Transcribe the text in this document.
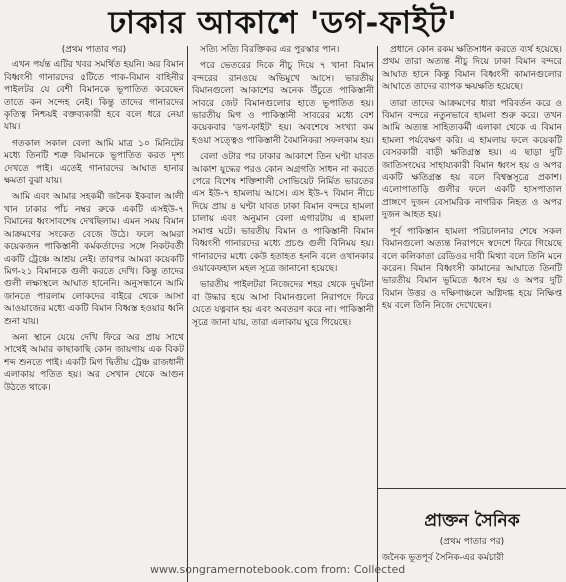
ঢাকার আকাশে 'ডগ-ফাইট'

(প্রথম পাতার পর)

এখন পর্যন্ত এটির খবর সমর্থিত হয়নি। অর বিমান বিধ্বংসী গানারদের ৫টিতে পাক-বিমান বাহিনীর পাইলটর যে বেশী বিমানকে ভূপাতিত করেছেন তাতে কন সন্দেহ নেই। কিন্তু তাদের গানারদের কৃতিত্ব নিশ্চয়ই বক্তব্যকারী হবে বলে ধরে নেয়া যায়।

গতকাল সকাল বেলা আমি মাত্র ১০ মিনিটের মধ্যে তিনটি শত্রু বিমানকে ভূপাতিত করত দৃশ্য দেখতে পাই। এতেই গানারদের আঘাত হানার ক্ষমতা বুঝা যায়।

আমি এবং আমার সহকর্মী জনৈক ইকবাল আলী খান ঢাকার পাঁচ নম্বর রুকে একটি এসইউ-৭ বিমানের ধ্বংসাবশেষ দেখছিলাম। এমন সময় বিমান আক্রমণের সংকেত বেজে উঠে। ফলে আমরা কয়েকজন পাকিস্তানী কর্মকর্তাদের সঙ্গে নিকটবর্তী একটি ট্রেঞ্চে আশ্রয় নেই। তারপর আমরা কয়েকটি মিগ-২১ বিমানকে গুলী করতে দেখি। কিন্তু তাদের গুলী লক্ষ্যস্থলে আঘাত হানেনি। অনুসন্ধানে আমি জানতে পারলাম লোকদের বাইরে থেকে আসা আওয়াজের মধ্যে একটি বিমান বিধ্বস্ত হওয়ার ধ্বনি শুনা যায়।

অন্য স্থানে যেয়ে দেখি ফিরে অর প্রায় সাথে সাথেই আমার কাছাকাছি কোন জায়গায় এক বিকট শব্দ শুনতে পাই। একটি মিগ দ্বিতীয় ট্রেঞ্চ রাজধানী এলাকায় পতিত হয়। অর সেখান থেকে আগুন উঠতে থাকে।

সত্যি সত্যি বিরক্তিকর এর পুরস্কার পান।

পরে ভেতরের দিকে নীচু দিয়ে ৭ খানা বিমান বন্দরের রানওয়ে অভিমুখে আসে। ভারতীয় বিমানগুলো আকাশের অনেক উঁচুতে পাকিস্তানী সাবরে জেট বিমানগুলোর হাতে ভূপাতিত হয়। ভারতীয় মিগ ও পাকিস্তানী সাবরের মধ্যে বেশ কয়েকবার 'ডগ-ফাইট' হয়। অবশেষে সংখ্যা কম হওয়া সত্ত্বেও পাকিস্তানী বৈমানিকরা সফলকাম হয়।

বেলা ওটার পর ঢাকার আকাশে তিন ঘণ্টা যাবত আকাশ যুদ্ধের পরও কোন অগ্রগতি সাধন না করতে পেরে বিশেষ শক্তিশালী সোভিয়েট নির্মিত ভারতের এস ইউ-৭ হামলায় আসে। এস ইউ-৭ বিমান নীচে দিয়ে প্রায় ৪ ঘণ্টা যাবত ঢাকা বিমান বন্দরে হামলা চালায় এবং অনুমান বেলা এগারটায় এ হামলা সমাপ্ত ঘটে। ভারতীয় বিমান ও পাকিস্তানী বিমান বিধ্বংসী গানারদের মধ্যে প্রচণ্ড গুলী বিনিময় হয়। গানারদের মধ্যে কেউ হতাহত হননি বলে ওখানকার ওয়াকেফহাল মহল সূত্রে জানানো হয়েছে।

ভারতীয় পাইলটরা নিজেদের শহর থেকে দুর্ঘটনা বা উদ্ধার হয়ে আসা বিমানগুলো নিরাপদে ফিরে যেতে যত্নবান হয় এবং অবতরণ করে না। পাকিস্তানী সূত্রে জানা যায়, তারা এলাকায় ঘুরে গিয়েছে।

প্রধানে কোন রকম ক্ষতিসাধন করতে ব্যর্থ হয়েছে। প্রথম তারা অত্যন্ত নীচু দিয়ে ঢাকা বিমান বন্দরে আঘাত হানে কিন্তু বিমান বিধ্বংসী কামানগুলোর আঘাতে তাদের ব্যাপক ক্ষয়ক্ষতি হয়েছে।

তারা তাদের আক্রমণের ধারা পরিবর্তন করে ও বিমান বন্দরে নতুনভাবে হামলা শুরু করে। তখন আমি অত্যন্ত সাহিত্যকর্মী এলাকা থেকে এ বিমান হামলা পর্যবেক্ষণ করি। এ হামলায় ফলে কয়েকটি বেসরকারী বাড়ী ক্ষতিগ্রস্ত হয়। এ ছাড়া দুটি জাতিসংঘের সাহায্যকারী বিমান ধ্বংস হয় ও অপর একটি ক্ষতিগ্রস্ত হয় বলে বিশ্বস্তসূত্রে প্রকাশ। এলোপাতাড়ি গুলীর ফলে একটি হাসপাতাল প্রাঙ্গণে দুজন বেসামরিক নাগরিক নিহত ও অপর দুজন আহত হয়।

পূর্ব পাকিস্তান হামলা পরিচালনার শেষে সকল বিমানগুলো অত্যন্ত নিরাপদে স্বদেশে ফিরে গিয়েছে বলে কলিকাতা রেডিওর দাবী মিথ্যা বলে তিনি মনে করেন। বিমান বিধ্বংসী কামানের আঘাতে তিনটি ভারতীয় বিমান ভূমিতে ধ্বংস হয় ও অপর দুটি বিমান উত্তর ও দক্ষিণাঞ্চলে অগ্নিদগ্ধ হয়ে নিক্ষিপ্ত হয় বলে তিনি নিজে দেখেছেন।

প্রাক্তন সৈনিক
(প্রথম পাতার পর)
জনৈক ভূতপূর্ব সৈনিক-এর কর্মচারী
www.songramernotebook.com from: Collected
